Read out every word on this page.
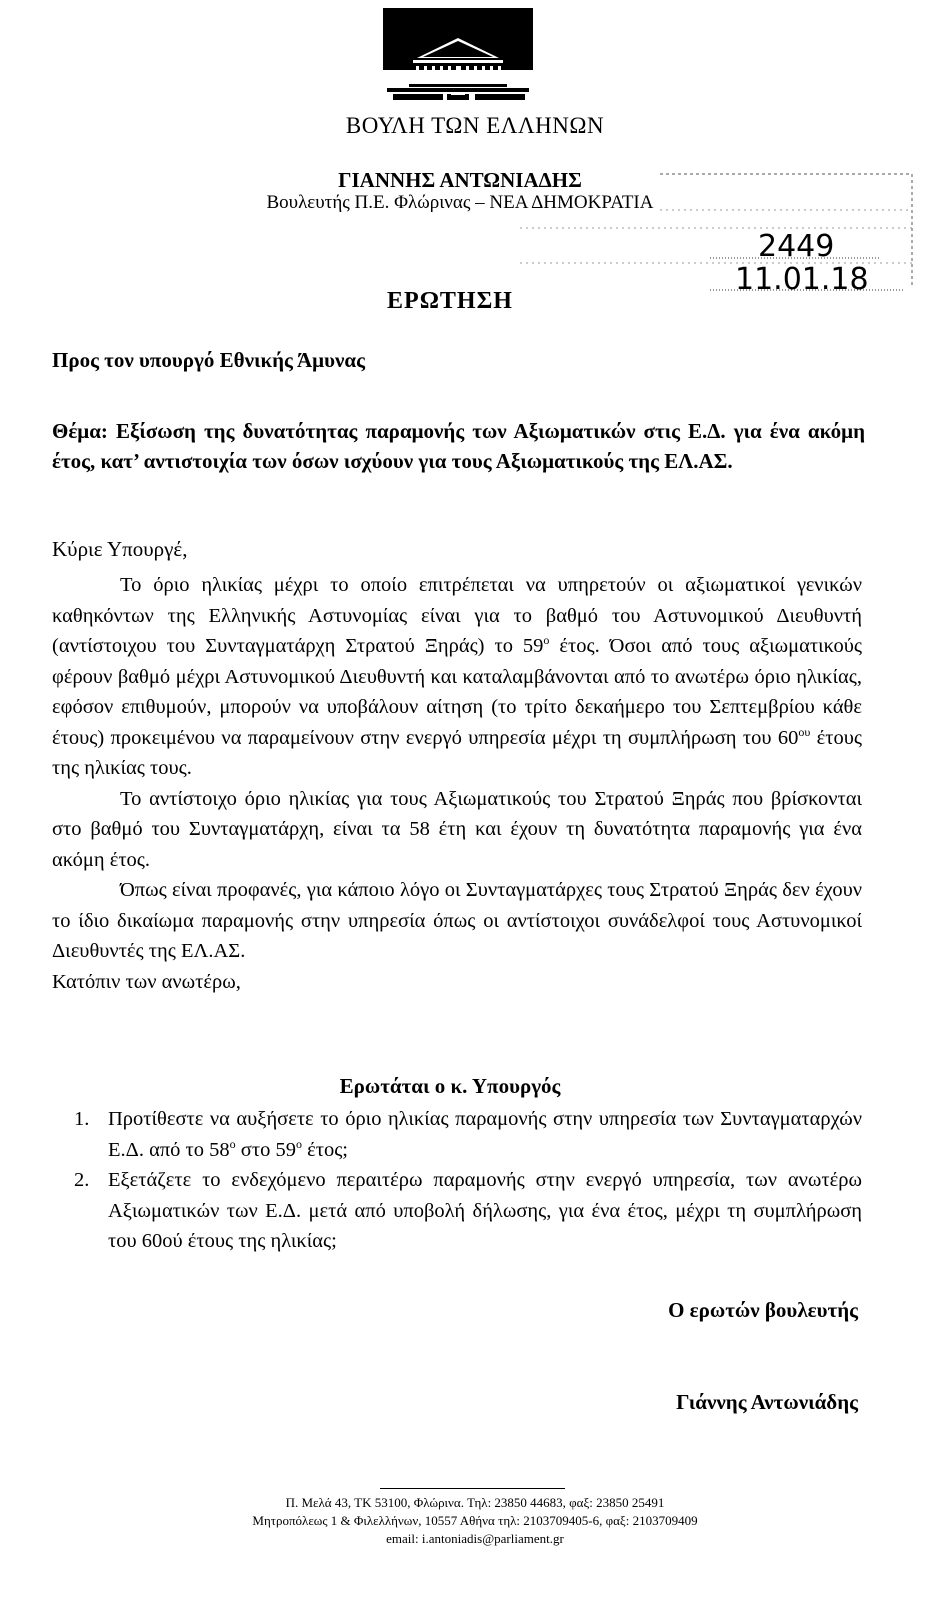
ΒΟΥΛΗ ΤΩΝ ΕΛΛΗΝΩΝ
ΓΙΑΝΝΗΣ ΑΝΤΩΝΙΑΔΗΣ
Βουλευτής Π.Ε. Φλώρινας – ΝΕΑ ΔΗΜΟΚΡΑΤΙΑ
2449
11.01.18
ΕΡΩΤΗΣΗ
Προς τον υπουργό Εθνικής Άμυνας
Θέμα: Εξίσωση της δυνατότητας παραμονής των Αξιωματικών στις Ε.Δ. για ένα ακόμη έτος, κατ’ αντιστοιχία των όσων ισχύουν για τους Αξιωματικούς της ΕΛ.ΑΣ.
Κύριε Υπουργέ,

Το όριο ηλικίας μέχρι το οποίο επιτρέπεται να υπηρετούν οι αξιωματικοί γενικών καθηκόντων της Ελληνικής Αστυνομίας είναι για το βαθμό του Αστυνομικού Διευθυντή (αντίστοιχου του Συνταγματάρχη Στρατού Ξηράς) το $59^o$ έτος. Όσοι από τους αξιωματικούς φέρουν βαθμό μέχρι Αστυνομικού Διευθυντή και καταλαμβάνονται από το ανωτέρω όριο ηλικίας, εφόσον επιθυμούν, μπορούν να υποβάλουν αίτηση (το τρίτο δεκαήμερο του Σεπτεμβρίου κάθε έτους) προκειμένου να παραμείνουν στην ενεργό υπηρεσία μέχρι τη συμπλήρωση του $60^{o\upsilon}$ έτους της ηλικίας τους.

Το αντίστοιχο όριο ηλικίας για τους Αξιωματικούς του Στρατού Ξηράς που βρίσκονται στο βαθμό του Συνταγματάρχη, είναι τα 58 έτη και έχουν τη δυνατότητα παραμονής για ένα ακόμη έτος.

Όπως είναι προφανές, για κάποιο λόγο οι Συνταγματάρχες τους Στρατού Ξηράς δεν έχουν το ίδιο δικαίωμα παραμονής στην υπηρεσία όπως οι αντίστοιχοι συνάδελφοί τους Αστυνομικοί Διευθυντές της ΕΛ.ΑΣ.

Κατόπιν των ανωτέρω,

Ερωτάται ο κ. Υπουργός
1. Προτίθεστε να αυξήσετε το όριο ηλικίας παραμονής στην υπηρεσία των Συνταγματαρχών Ε.Δ. από το $58^o$ στο $59^o$ έτος;
2. Εξετάζετε το ενδεχόμενο περαιτέρω παραμονής στην ενεργό υπηρεσία, των ανωτέρω Αξιωματικών των Ε.Δ. μετά από υποβολή δήλωσης, για ένα έτος, μέχρι τη συμπλήρωση του 60ού έτους της ηλικίας;
Ο ερωτών βουλευτής
Γιάννης Αντωνιάδης
Π. Μελά 43, ΤΚ 53100, Φλώρινα. Τηλ: 23850 44683, φαξ: 23850 25491
Μητροπόλεως 1 & Φιλελλήνων, 10557 Αθήνα τηλ: 2103709405-6, φαξ: 2103709409
email: i.antoniadis@parliament.gr
